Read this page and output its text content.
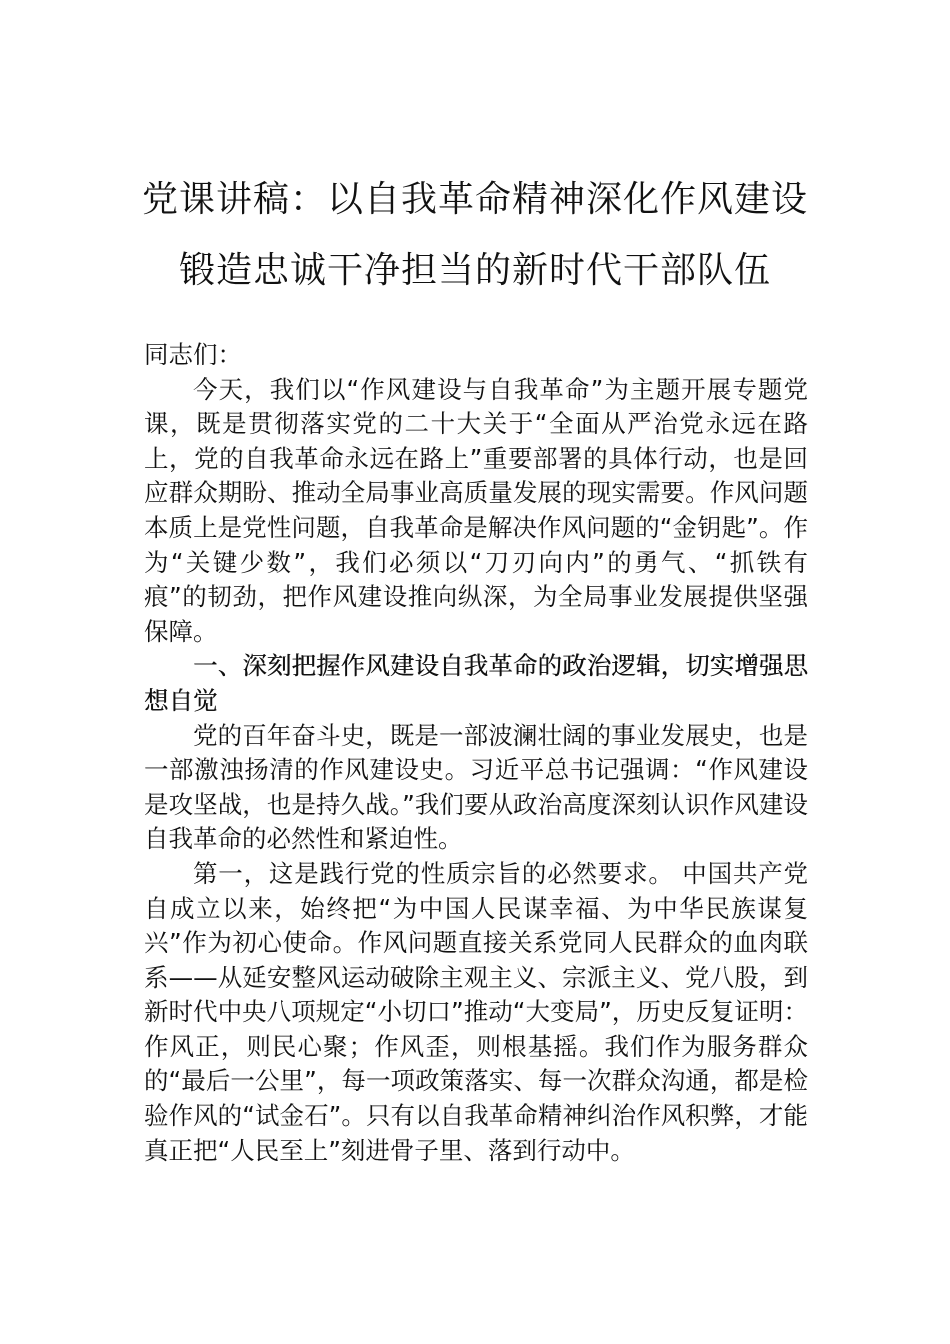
党课讲稿：以自我革命精神深化作风建设
锻造忠诚干净担当的新时代干部队伍

同志们：

今天，我们以“作风建设与自我革命”为主题开展专题党课，既是贯彻落实党的二十大关于“全面从严治党永远在路上，党的自我革命永远在路上”重要部署的具体行动，也是回应群众期盼、推动全局事业高质量发展的现实需要。作风问题本质上是党性问题，自我革命是解决作风问题的“金钥匙”。作为“关键少数”，我们必须以“刀刃向内”的勇气、“抓铁有痕”的韧劲，把作风建设推向纵深，为全局事业发展提供坚强保障。

一、深刻把握作风建设自我革命的政治逻辑，切实增强思想自觉

党的百年奋斗史，既是一部波澜壮阔的事业发展史，也是一部激浊扬清的作风建设史。习近平总书记强调：“作风建设是攻坚战，也是持久战。”我们要从政治高度深刻认识作风建设自我革命的必然性和紧迫性。

第一，这是践行党的性质宗旨的必然要求。 中国共产党自成立以来，始终把“为中国人民谋幸福、为中华民族谋复兴”作为初心使命。作风问题直接关系党同人民群众的血肉联系——从延安整风运动破除主观主义、宗派主义、党八股，到新时代中央八项规定“小切口”推动“大变局”，历史反复证明：作风正，则民心聚；作风歪，则根基摇。我们作为服务群众的“最后一公里”，每一项政策落实、每一次群众沟通，都是检验作风的“试金石”。只有以自我革命精神纠治作风积弊，才能真正把“人民至上”刻进骨子里、落到行动中。
